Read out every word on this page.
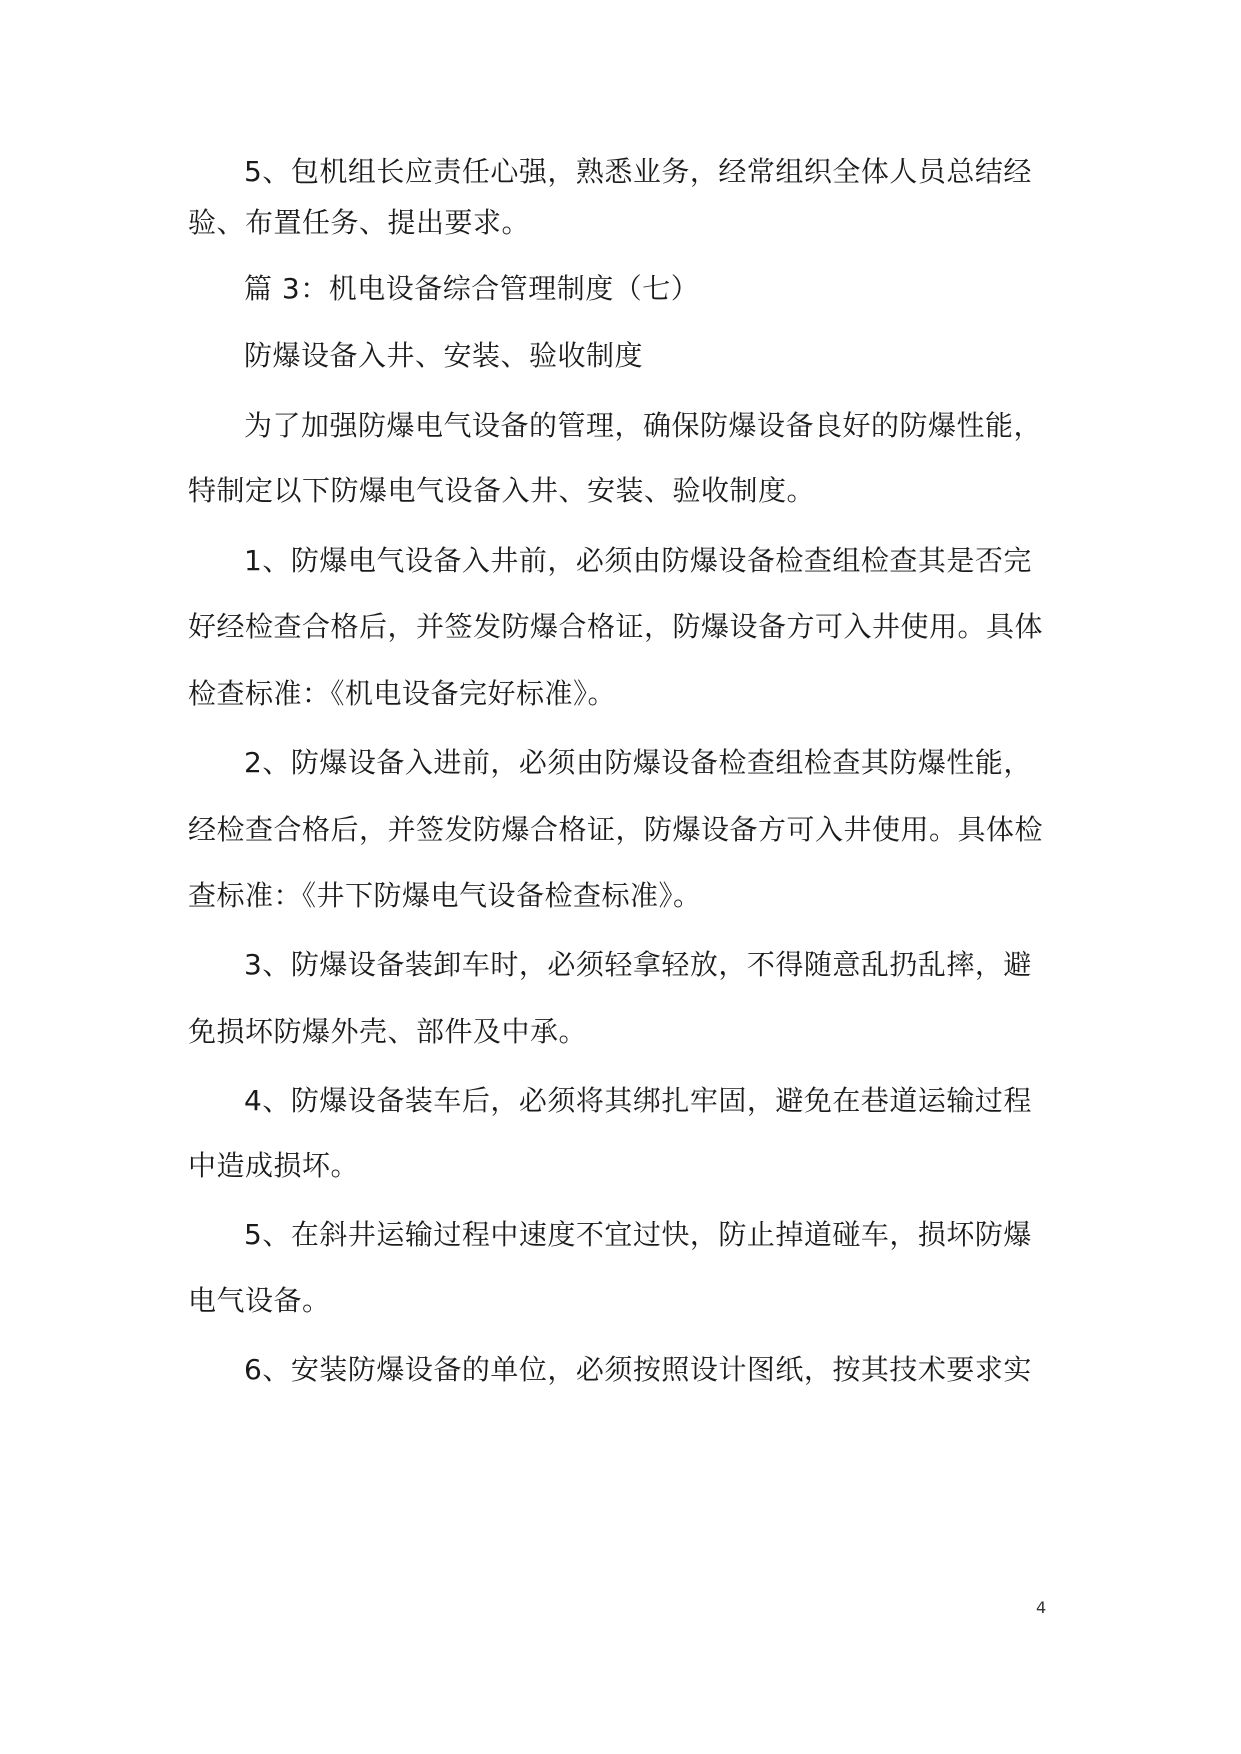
5、包机组长应责任心强，熟悉业务，经常组织全体人员总结经
验、布置任务、提出要求。
篇 3：机电设备综合管理制度（七）
防爆设备入井、安装、验收制度
为了加强防爆电气设备的管理，确保防爆设备良好的防爆性能，
特制定以下防爆电气设备入井、安装、验收制度。
1、防爆电气设备入井前，必须由防爆设备检查组检查其是否完
好经检查合格后，并签发防爆合格证，防爆设备方可入井使用。具体
检查标准：《机电设备完好标准》。
2、防爆设备入进前，必须由防爆设备检查组检查其防爆性能，
经检查合格后，并签发防爆合格证，防爆设备方可入井使用。具体检
查标准：《井下防爆电气设备检查标准》。
3、防爆设备装卸车时，必须轻拿轻放，不得随意乱扔乱摔，避
免损坏防爆外壳、部件及中承。
4、防爆设备装车后，必须将其绑扎牢固，避免在巷道运输过程
中造成损坏。
5、在斜井运输过程中速度不宜过快，防止掉道碰车，损坏防爆
电气设备。
6、安装防爆设备的单位，必须按照设计图纸，按其技术要求实
4
